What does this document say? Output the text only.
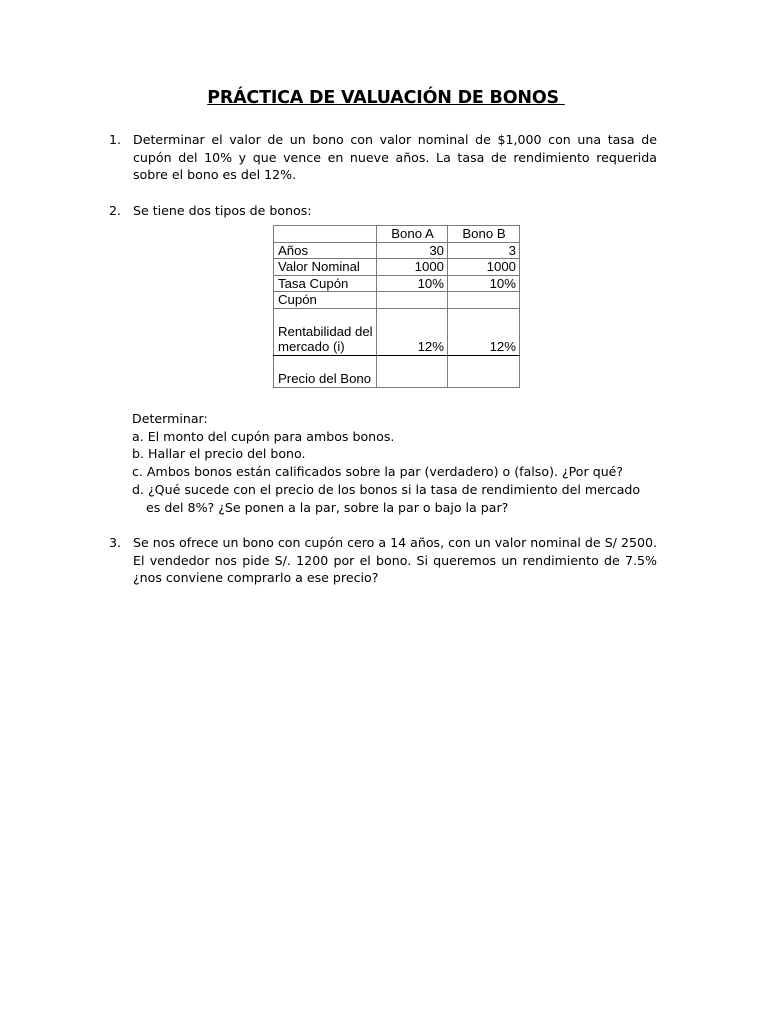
PRÁCTICA DE VALUACIÓN DE BONOS
1. Determinar el valor de un bono con valor nominal de $1,000 con una tasa de cupón del 10% y que vence en nueve años. La tasa de rendimiento requerida sobre el bono es del 12%.
2. Se tiene dos tipos de bonos:
	Bono A	Bono B
Años	30	3
Valor Nominal	1000	1000
Tasa Cupón	10%	10%
Cupón		
Rentabilidad del mercado (i)	12%	12%
Precio del Bono		
Determinar:
a. El monto del cupón para ambos bonos.
b. Hallar el precio del bono.
c. Ambos bonos están calificados sobre la par (verdadero) o (falso). ¿Por qué?
d. ¿Qué sucede con el precio de los bonos si la tasa de rendimiento del mercado es del 8%? ¿Se ponen a la par, sobre la par o bajo la par?
3. Se nos ofrece un bono con cupón cero a 14 años, con un valor nominal de S/ 2500. El vendedor nos pide S/. 1200 por el bono. Si queremos un rendimiento de 7.5% ¿nos conviene comprarlo a ese precio?
